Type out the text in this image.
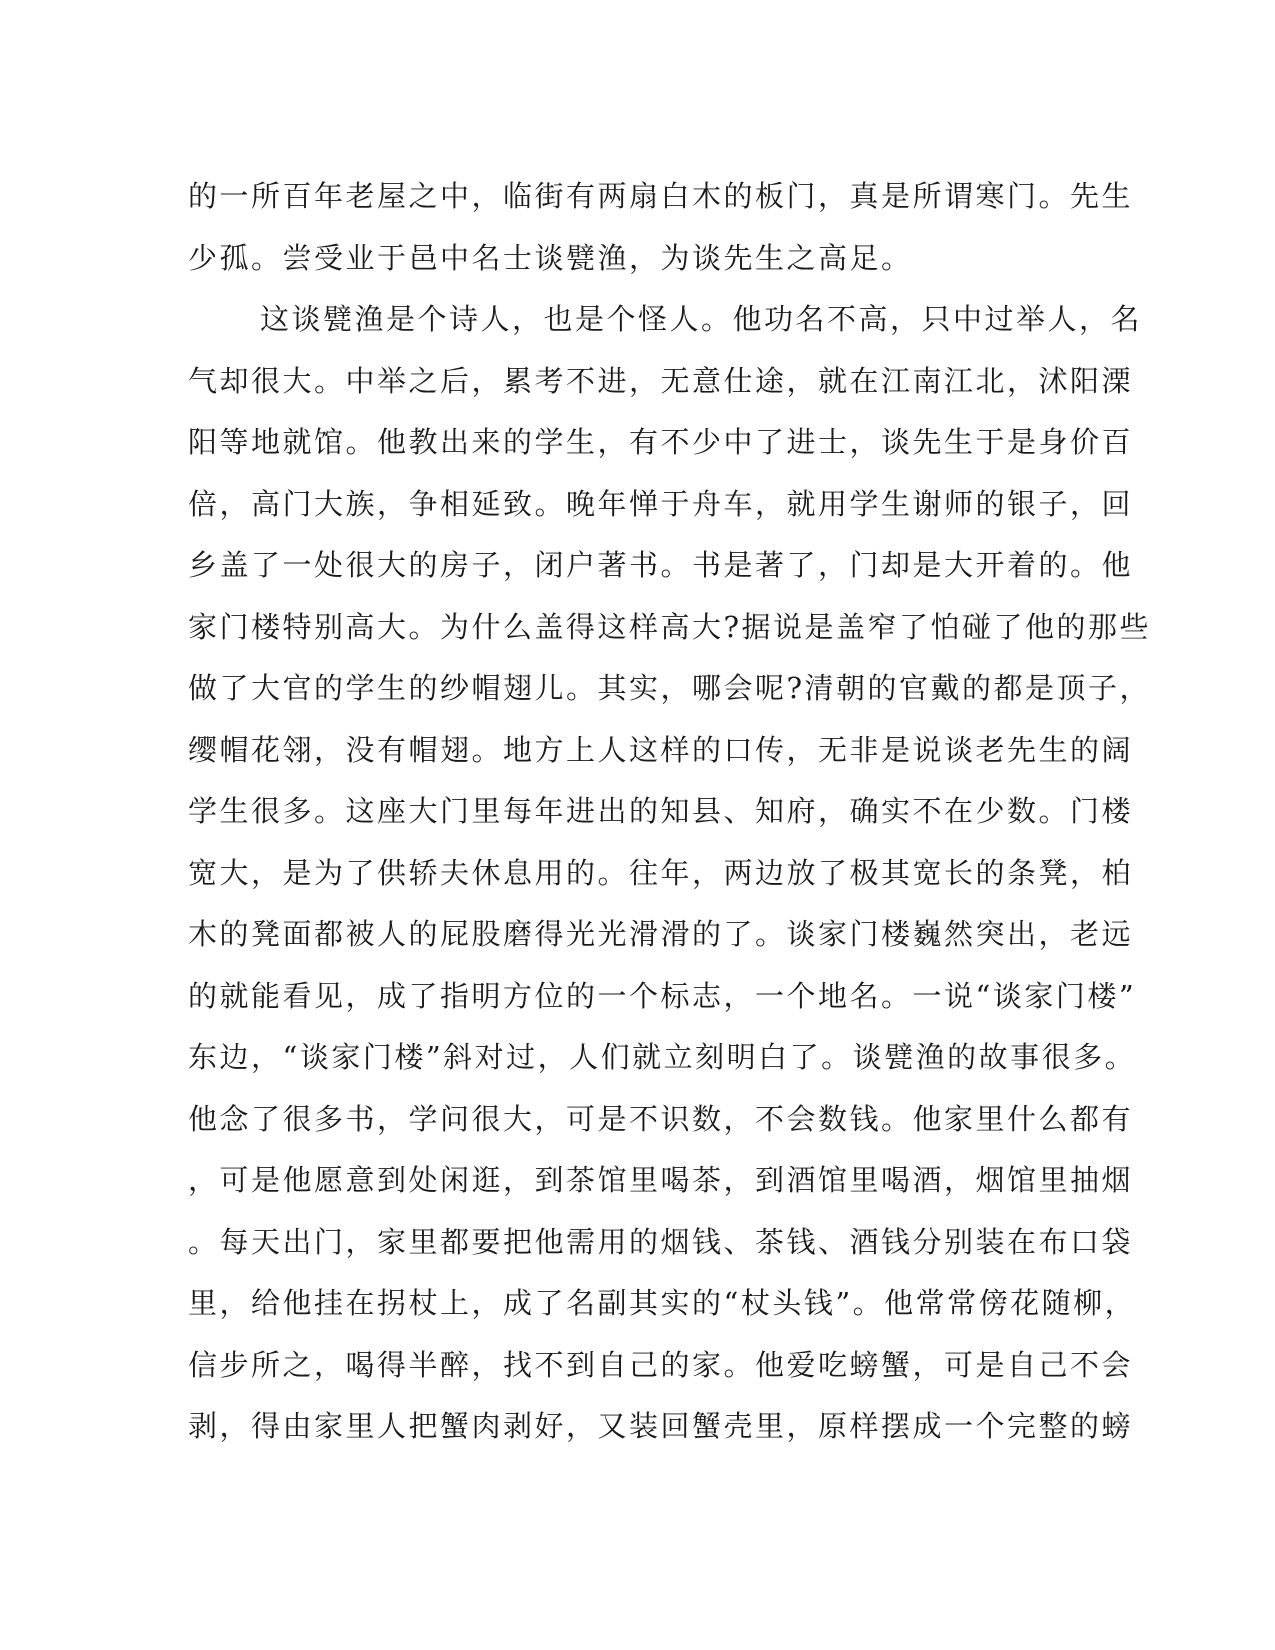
的一所百年老屋之中，临街有两扇白木的板门，真是所谓寒门。先生
少孤。尝受业于邑中名士谈甓渔，为谈先生之高足。
这谈甓渔是个诗人，也是个怪人。他功名不高，只中过举人，名
气却很大。中举之后，累考不进，无意仕途，就在江南江北，沭阳溧
阳等地就馆。他教出来的学生，有不少中了进士，谈先生于是身价百
倍，高门大族，争相延致。晚年惮于舟车，就用学生谢师的银子，回
乡盖了一处很大的房子，闭户著书。书是著了，门却是大开着的。他
家门楼特别高大。为什么盖得这样高大?据说是盖窄了怕碰了他的那些
做了大官的学生的纱帽翅儿。其实，哪会呢?清朝的官戴的都是顶子，
缨帽花翎，没有帽翅。地方上人这样的口传，无非是说谈老先生的阔
学生很多。这座大门里每年进出的知县、知府，确实不在少数。门楼
宽大，是为了供轿夫休息用的。往年，两边放了极其宽长的条凳，柏
木的凳面都被人的屁股磨得光光滑滑的了。谈家门楼巍然突出，老远
的就能看见，成了指明方位的一个标志，一个地名。一说“谈家门楼”
东边，“谈家门楼”斜对过，人们就立刻明白了。谈甓渔的故事很多。
他念了很多书，学问很大，可是不识数，不会数钱。他家里什么都有
，可是他愿意到处闲逛，到茶馆里喝茶，到酒馆里喝酒，烟馆里抽烟
。每天出门，家里都要把他需用的烟钱、茶钱、酒钱分别装在布口袋
里，给他挂在拐杖上，成了名副其实的“杖头钱”。他常常傍花随柳，
信步所之，喝得半醉，找不到自己的家。他爱吃螃蟹，可是自己不会
剥，得由家里人把蟹肉剥好，又装回蟹壳里，原样摆成一个完整的螃
